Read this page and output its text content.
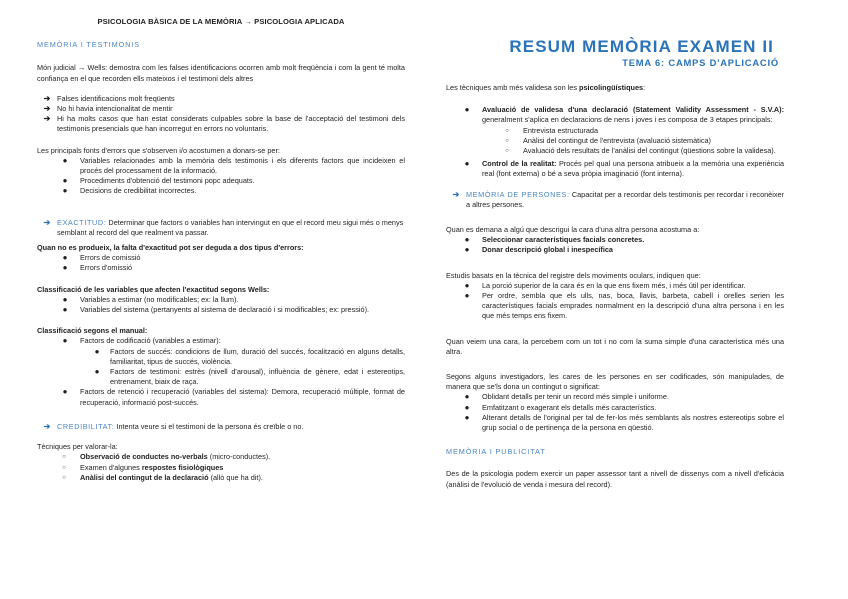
PSICOLOGIA BÀSICA DE LA MEMÒRIA → PSICOLOGIA APLICADA
MEMÒRIA I TESTIMONIS

Món judicial → Wells: demostra com les falses identificacions ocorren amb molt freqüència i com la gent té molta confiança en el que recorden ells mateixos i el testimoni dels altres

➔ Falses identificacions molt freqüents
➔ No hi havia intencionalitat de mentir
➔ Hi ha molts casos que han estat considerats culpables sobre la base de l'acceptació del testimoni dels testimonis presencials que han incorregut en errors no voluntaris.

Les principals fonts d'errors que s'observen i/o acostumen a donars-se per:

●	Variables relacionades amb la memòria dels testimonis i els diferents factors que incideixen el procés del processament de la informació.
●	Procediments d'obtenció del testimoni popc adequats.
●	Decisions de credibilitat incorrectes.
➔ EXACTITUD: Determinar que factors o variables han intervingut en que el record meu sigui més o menys semblant al record del que realment va passar.

Quan no es produeix, la falta d'exactitud pot ser deguda a dos tipus d'errors:

●	Errors de comissió
●	Errors d'omissió

Classificació de les variables que afecten l'exactitud segons Wells:

●	Variables a estimar (no modificables; ex: la llum).
●	Variables del sistema (pertanyents al sistema de declaració i si modificables; ex: pressió).

Classificació segons el manual:

●	Factors de codificació (variables a estimar):
●	Factors de succés: condicions de llum, duració del succés, focalització en alguns detalls, familiaritat, tipus de succés, violència.
●	Factors de testimoni: estrès (nivell d'arousal), influència de gènere, edat i estereotips, entrenament, biaix de raça.
●	Factors de retenció i recuperació (variables del sistema): Demora, recuperació múltiple, format de recuperació, informació post-succés.
➔ CREDIBILITAT: Intenta veure si el testimoni de la persona és creïble o no.

Tècniques per valorar-la:

○	Observació de conductes no-verbals (micro-conductes).
○	Examen d'algunes respostes fisiològiques
○	Anàlisi del contingut de la declaració (allò que ha dit).
RESUM MEMÒRIA EXAMEN II
TEMA 6: CAMPS D'APLICACIÓ

Les tècniques amb més validesa son les psicolingüístiques:

●	Avaluació de validesa d'una declaració (Statement Validity Assessment - S.V.A): generalment s'aplica en declaracions de nens i joves i es composa de 3 etapes principals:
○	Entrevista estructurada
○	Anàlisi del contingut de l'entrevista (avaluació sistemàtica)
○	Avaluació dels resultats de l'anàlisi del contingut (qüestions sobre la validesa).
●	Control de la realitat: Procés pel qual una persona atribueix a la memòria una experiència real (font externa) o bé a seva pròpia imaginació (font interna).
➔ MEMÒRIA DE PERSONES: Capacitat per a recordar dels testimonis per recordar i reconèixer a altres persones.

Quan es demana a algú que descrigui la cara d'una altra persona acostuma a:

●	Seleccionar característiques facials concretes.
●	Donar descripció global i inespecífica

Estudis basats en la tècnica del registre dels moviments oculars, indiquen que:

●	La porció superior de la cara és en la que ens fixem més, i més útil per identificar.
●	Per ordre, sembla que els ulls, nas, boca, llavis, barbeta, cabell i orelles serien les característiques facials emprades normalment en la descripció d'una altra persona i en les que més temps ens fixem.

Quan veiem una cara, la percebem com un tot i no com la suma simple d'una característica més una altra.

Segons alguns investigadors, les cares de les persones en ser codificades, són manipulades, de manera que se'ls dona un contingut o significat:

●	Oblidant detalls per tenir un record més simple i uniforme.
●	Emfatitzant o exagerant els detalls més característics.
●	Alterant detalls de l'original per tal de fer-los més semblants als nostres estereotips sobre el grup social o de pertinença de la persona en qüestió.
MEMÒRIA I PUBLICITAT

Des de la psicologia podem exercir un paper assessor tant a nivell de dissenys com a nivell d'eficàcia (anàlisi de l'evolució de venda i mesura del record).
